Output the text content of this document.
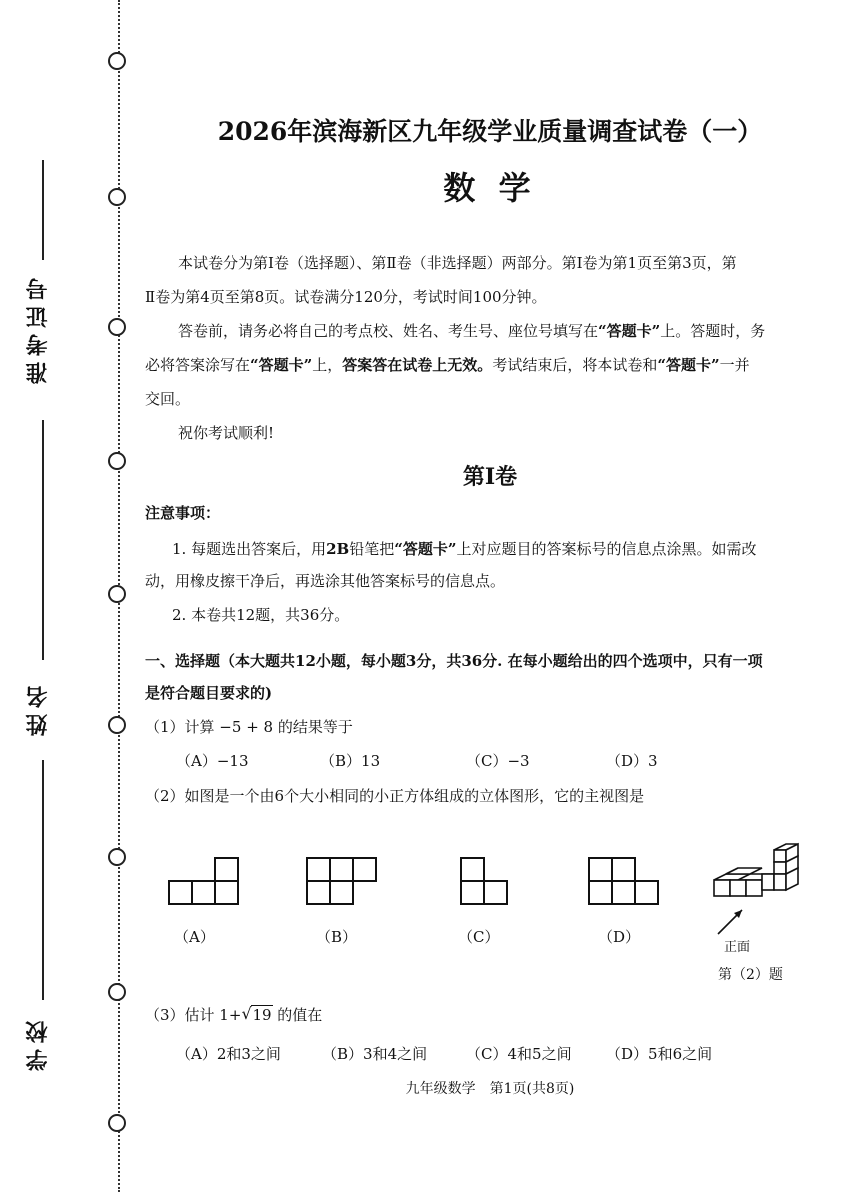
准考证号
姓名
学校
2026年滨海新区九年级学业质量调查试卷（一）
数 学
本试卷分为第Ⅰ卷（选择题）、第Ⅱ卷（非选择题）两部分。第Ⅰ卷为第1页至第3页，第
Ⅱ卷为第4页至第8页。试卷满分120分，考试时间100分钟。
答卷前，请务必将自己的考点校、姓名、考生号、座位号填写在“答题卡”上。答题时，务
必将答案涂写在“答题卡”上，答案答在试卷上无效。考试结束后，将本试卷和“答题卡”一并
交回。
祝你考试顺利!
第Ⅰ卷
注意事项：
1. 每题选出答案后，用2B铅笔把“答题卡”上对应题目的答案标号的信息点涂黑。如需改
动，用橡皮擦干净后，再选涂其他答案标号的信息点。
2. 本卷共12题，共36分。
一、选择题（本大题共12小题，每小题3分，共36分. 在每小题给出的四个选项中，只有一项
是符合题目要求的)
（1）计算 −5 + 8 的结果等于
（A）−13	（B）13	（C）−3	（D）3
（2）如图是一个由6个大小相同的小正方体组成的立体图形，它的主视图是
正面
（A）	（B）	（C）	（D）
第（2）题
（3）估计 1+ √ 19 的值在
（A）2和3之间	（B）3和4之间	（C）4和5之间 （D）5和6之间
九年级数学　第1页(共8页)
